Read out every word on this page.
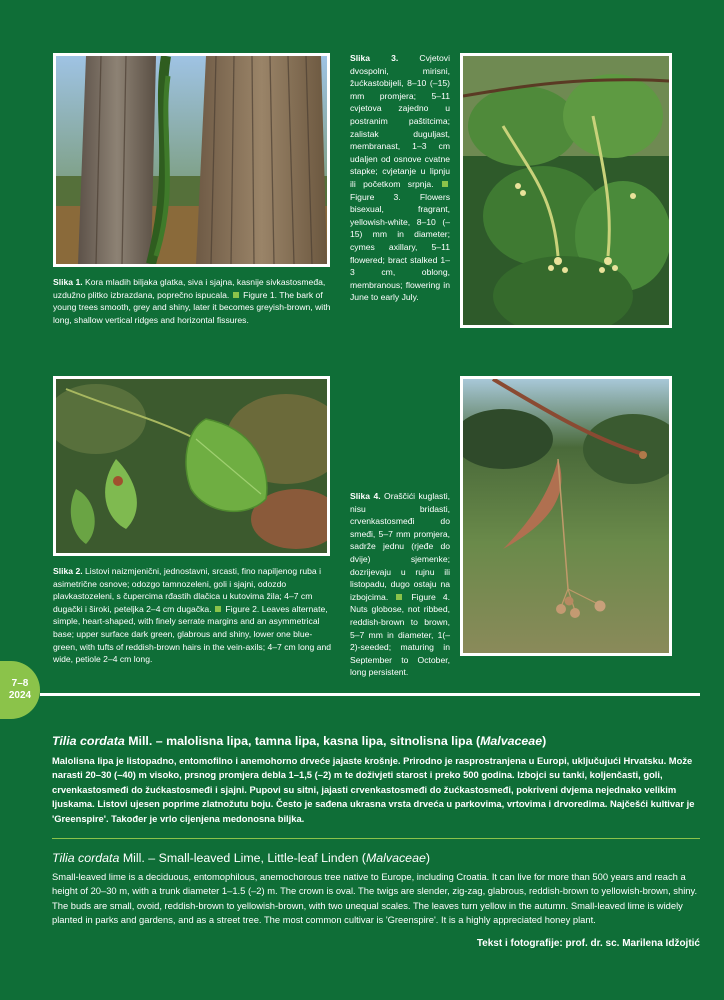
Slika 1. Kora mladih biljaka glatka, siva i sjajna, kasnije sivkastosmeđa, uzdužno plitko izbrazdana, poprečno ispucala. Figure 1. The bark of young trees smooth, grey and shiny, later it becomes greyish-brown, with long, shallow vertical ridges and horizontal fissures.
Slika 3. Cvjetovi dvospolni, mirisni, žućkastobijeli, 8–10 (–15) mm promjera; 5–11 cvjetova zajedno u postranim paštitcima; zalistak duguljast, membranast, 1–3 cm udaljen od osnove cvatne stapke; cvjetanje u lipnju ili početkom srpnja.  Figure 3. Flowers bisexual, fragrant, yellowish-white, 8–10 (–15) mm in diameter; cymes axillary, 5–11 flowered; bract stalked 1–3 cm, oblong, membranous; flowering in June to early July.
Slika 2. Listovi naizmjenični, jednostavni, srcasti, fino napiljenog ruba i asimetrične osnove; odozgo tamnozeleni, goli i sjajni, odozdo plavkastozeleni, s čupercima rđastih dlačica u kutovima žila; 4–7 cm dugački i široki, peteljka 2–4 cm dugačka. Figure 2. Leaves alternate, simple, heart-shaped, with finely serrate margins and an asymmetrical base; upper surface dark green, glabrous and shiny, lower one blue-green, with tufts of reddish-brown hairs in the vein-axils; 4–7 cm long and wide, petiole 2–4 cm long.
Slika 4. Oraščići kuglasti, nisu bridasti, crvenkastosmeđi do smeđi, 5–7 mm promjera, sadrže jednu (rjeđe do dvije) sjemenke; dozrijevaju u rujnu ili listopadu, dugo ostaju na izbojcima.	Figure 4. Nuts globose, not ribbed, reddish-brown to brown, 5–7 mm in diameter, 1(–2)-seeded; maturing in September to October, long persistent.
7–8
2024
Tilia cordata Mill. – malolisna lipa, tamna lipa, kasna lipa, sitnolisna lipa (Malvaceae)
Malolisna lipa je listopadno, entomofilno i anemohorno drveće jajaste krošnje. Prirodno je rasprostranjena u Europi, uključujući Hrvatsku. Može narasti 20–30 (–40) m visoko, prsnog promjera debla 1–1,5 (–2) m te doživjeti starost i preko 500 godina. Izbojci su tanki, koljenčasti, goli, crvenkastosmeđi do žućkastosmeđi i sjajni. Pupovi su sitni, jajasti crvenkastosmeđi do žućkastosmeđi, pokriveni dvjema nejednako velikim ljuskama. Listovi ujesen poprime zlatnožutu boju. Često je sađena ukrasna vrsta drveća u parkovima, vrtovima i drvoredima. Najčešći kultivar je 'Greenspire'. Također je vrlo cijenjena medonosna biljka.
Tilia cordata Mill. – Small-leaved Lime, Little-leaf Linden (Malvaceae)
Small-leaved lime is a deciduous, entomophilous, anemochorous tree native to Europe, including Croatia. It can live for more than 500 years and reach a height of 20–30 m, with a trunk diameter 1–1.5 (–2) m. The crown is oval. The twigs are slender, zig-zag, glabrous, reddish-brown to yellowish-brown, shiny. The buds are small, ovoid, reddish-brown to yellowish-brown, with two unequal scales. The leaves turn yellow in the autumn. Small-leaved lime is widely planted in parks and gardens, and as a street tree. The most common cultivar is 'Greenspire'. It is a highly appreciated honey plant.
Tekst i fotografije: prof. dr. sc. Marilena Idžojtić
